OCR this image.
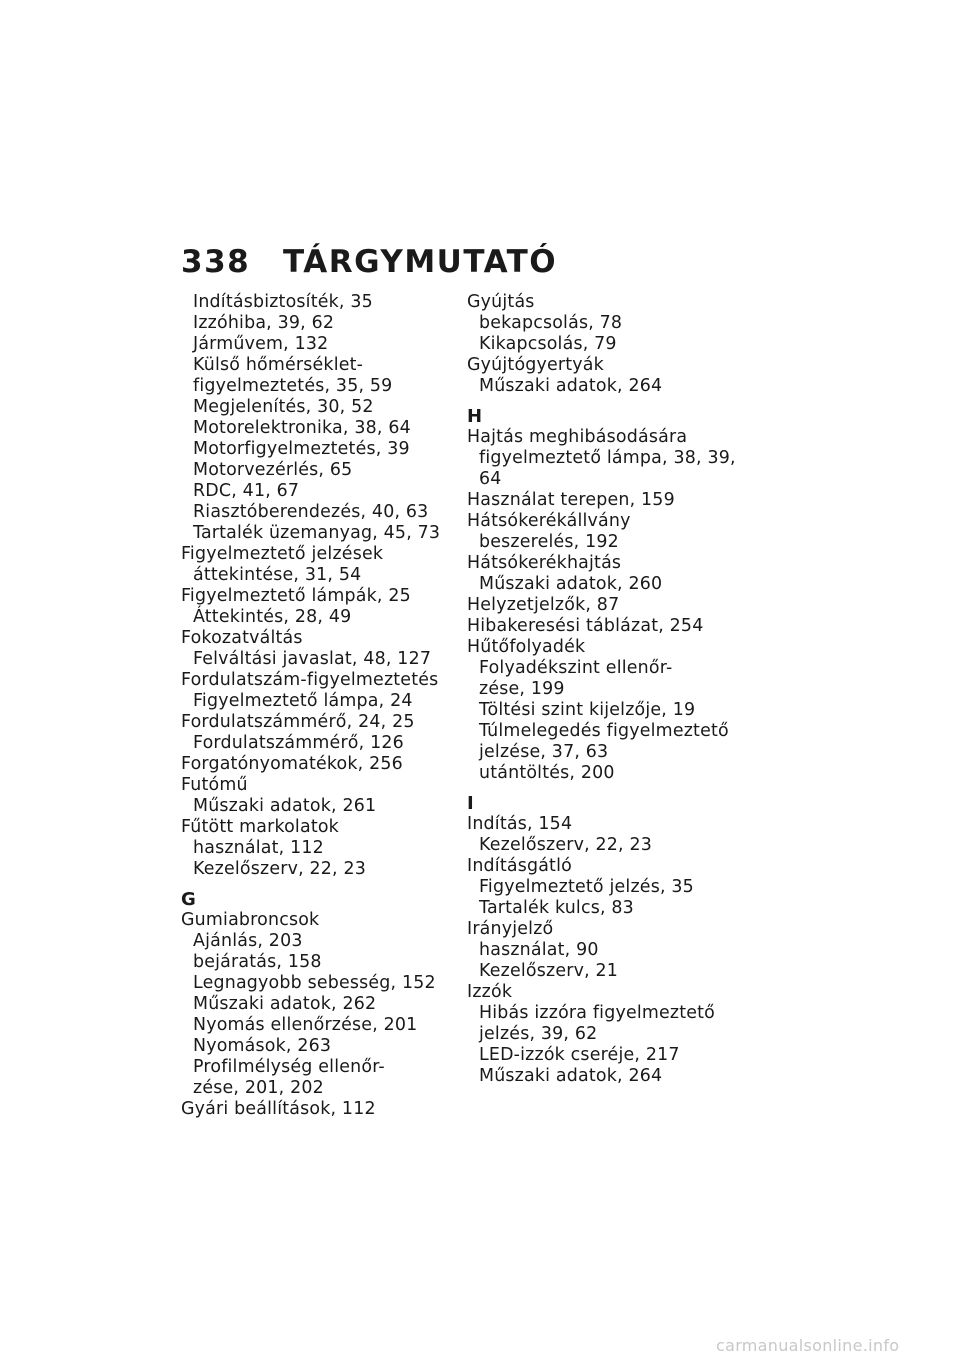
338	TÁRGYMUTATÓ
Indításbiztosíték, 35
Izzóhiba, 39, 62
Járművem, 132
Külső hőmérséklet-
figyelmeztetés, 35, 59
Megjelenítés, 30, 52
Motorelektronika, 38, 64
Motorfigyelmeztetés, 39
Motorvezérlés, 65
RDC, 41, 67
Riasztóberendezés, 40, 63
Tartalék üzemanyag, 45, 73
Figyelmeztető jelzések
áttekintése, 31, 54
Figyelmeztető lámpák, 25
Áttekintés, 28, 49
Fokozatváltás
Felváltási javaslat, 48, 127
Fordulatszám-figyelmeztetés
Figyelmeztető lámpa, 24
Fordulatszámmérő, 24, 25
Fordulatszámmérő, 126
Forgatónyomatékok, 256
Futómű
Műszaki adatok, 261
Fűtött markolatok
használat, 112
Kezelőszerv, 22, 23
G
Gumiabroncsok
Ajánlás, 203
bejáratás, 158
Legnagyobb sebesség, 152
Műszaki adatok, 262
Nyomás ellenőrzése, 201
Nyomások, 263
Profilmélység ellenőr-
zése, 201, 202
Gyári beállítások, 112
Gyújtás
bekapcsolás, 78
Kikapcsolás, 79
Gyújtógyertyák
Műszaki adatok, 264
H
Hajtás meghibásodására
figyelmeztető lámpa, 38, 39,
64
Használat terepen, 159
Hátsókerékállvány
beszerelés, 192
Hátsókerékhajtás
Műszaki adatok, 260
Helyzetjelzők, 87
Hibakeresési táblázat, 254
Hűtőfolyadék
Folyadékszint ellenőr-
zése, 199
Töltési szint kijelzője, 19
Túlmelegedés figyelmeztető
jelzése, 37, 63
utántöltés, 200
I
Indítás, 154
Kezelőszerv, 22, 23
Indításgátló
Figyelmeztető jelzés, 35
Tartalék kulcs, 83
Irányjelző
használat, 90
Kezelőszerv, 21
Izzók
Hibás izzóra figyelmeztető
jelzés, 39, 62
LED-izzók cseréje, 217
Műszaki adatok, 264
carmanualsonline.info
